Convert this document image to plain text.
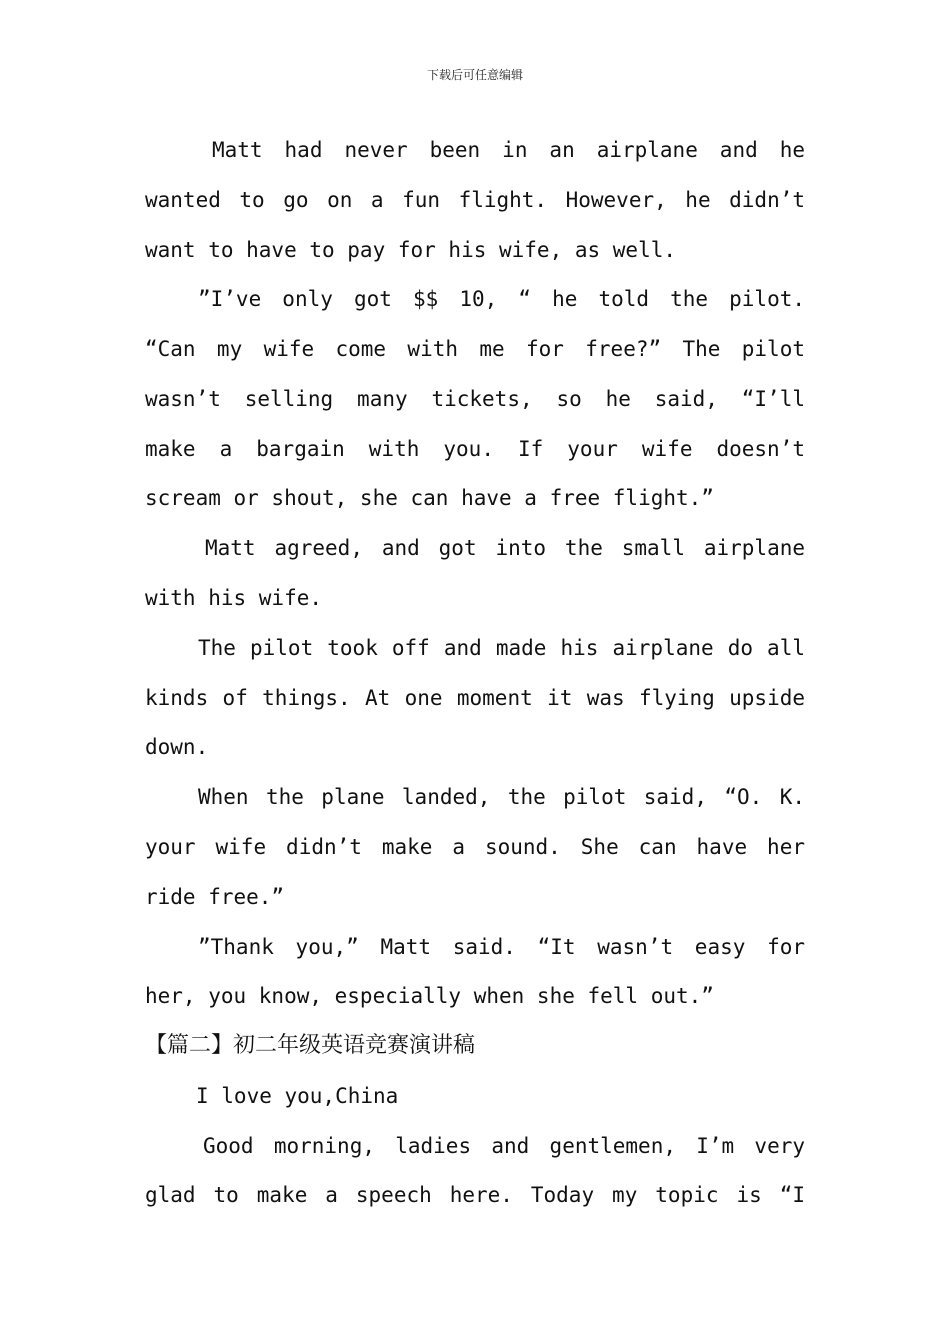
下载后可任意编辑
Matt had never been in an airplane and he
wanted to go on a fun flight. However, he didn’t
want to have to pay for his wife, as well.
”I’ve only got $$ 10, “ he told the pilot.
“Can my wife come with me for free?” The pilot
wasn’t selling many tickets, so he said, “I’ll
make a bargain with you. If your wife doesn’t
scream or shout, she can have a free flight.”
Matt agreed, and got into the small airplane
with his wife.
The pilot took off and made his airplane do all
kinds of things. At one moment it was flying upside
down.
When the plane landed, the pilot said, “O. K.
your wife didn’t make a sound. She can have her
ride free.”
”Thank you,” Matt said. “It wasn’t easy for
her, you know, especially when she fell out.”
【篇二】初二年级英语竞赛演讲稿
I love you,China
Good morning, ladies and gentlemen, I’m very
glad to make a speech here. Today my topic is “I
